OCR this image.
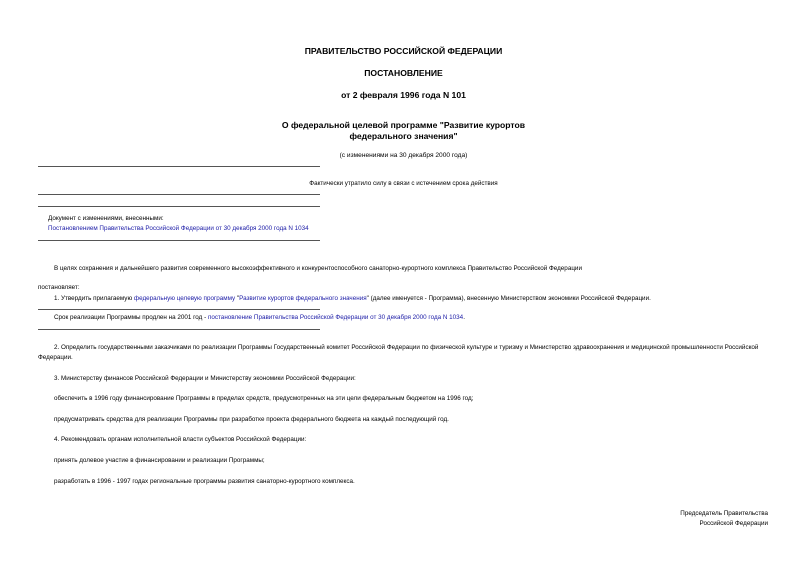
ПРАВИТЕЛЬСТВО РОССИЙСКОЙ ФЕДЕРАЦИИ
ПОСТАНОВЛЕНИЕ
от 2 февраля 1996 года N 101
О федеральной целевой программе "Развитие курортов
федерального значения"
(с изменениями на 30 декабря 2000 года)
Фактически утратило силу в связи с истечением срока действия
Документ с изменениями, внесенными:
Постановлением Правительства Российской Федерации от 30 декабря 2000 года N 1034
В целях сохранения и дальнейшего развития современного высокоэффективного и конкурентоспособного санаторно-курортного комплекса Правительство Российской Федерации
постановляет:
1. Утвердить прилагаемую федеральную целевую программу "Развитие курортов федерального значения" (далее именуется - Программа), внесенную Министерством экономики Российской Федерации.
Срок реализации Программы продлен на 2001 год - постановление Правительства Российской Федерации от 30 декабря 2000 года N 1034.
2. Определить государственными заказчиками по реализации Программы Государственный комитет Российской Федерации по физической культуре и туризму и Министерство здравоохранения и медицинской промышленности Российской Федерации.
3. Министерству финансов Российской Федерации и Министерству экономики Российской Федерации:
обеспечить в 1996 году финансирование Программы в пределах средств, предусмотренных на эти цели федеральным бюджетом на 1996 год;
предусматривать средства для реализации Программы при разработке проекта федерального бюджета на каждый последующий год.
4. Рекомендовать органам исполнительной власти субъектов Российской Федерации:
принять долевое участие в финансировании и реализации Программы;
разработать в 1996 - 1997 годах региональные программы развития санаторно-курортного комплекса.
Председатель Правительства
Российской Федерации
